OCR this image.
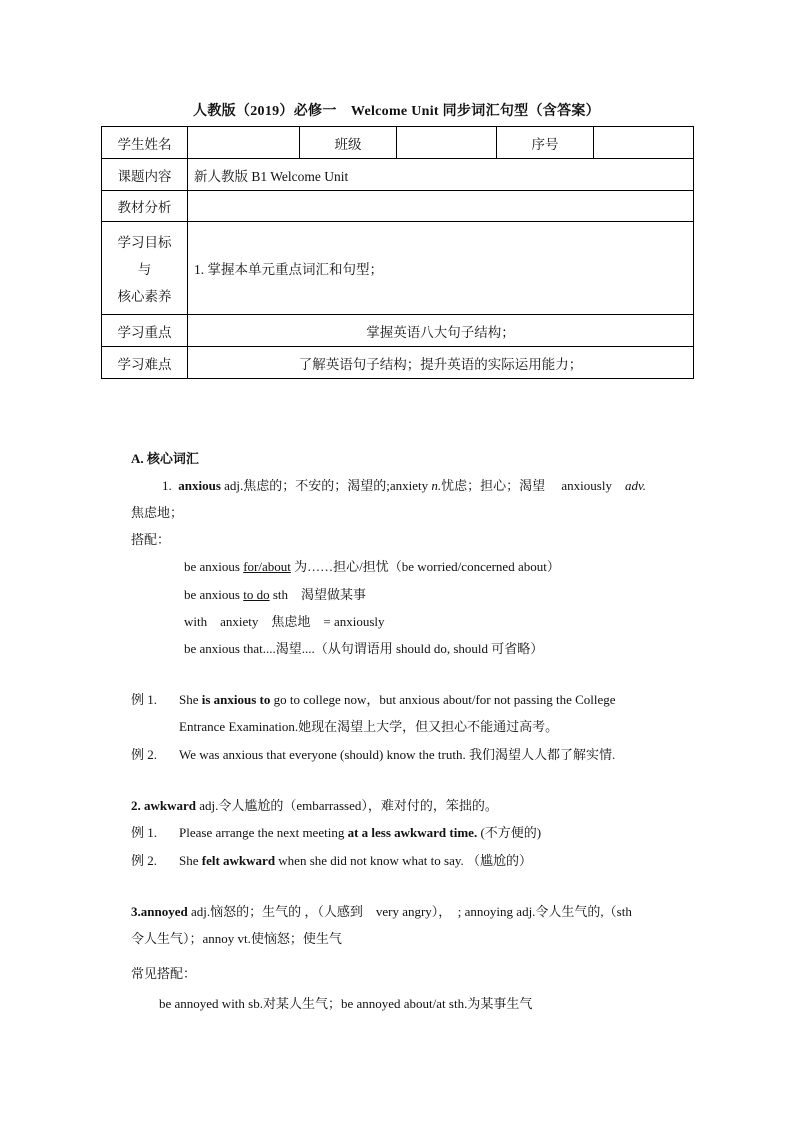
人教版（2019）必修一　Welcome Unit 同步词汇句型（含答案）
学生姓名		班级		序号	
课题内容	新人教版 B1 Welcome Unit				
教材分析					

学习目标
与
核心素养	1. 掌握本单元重点词汇和句型；				
学习重点	掌握英语八大句子结构；				
学习难点	了解英语句子结构；提升英语的实际运用能力；				
A. 核心词汇
1. anxious adj.焦虑的；不安的；渴望的;anxiety n.忧虑；担心；渴望　 anxiously　adv.
焦虑地；
搭配：
be anxious for/about 为……担心/担忧（be worried/concerned about）
be anxious to do sth　渴望做某事
with　anxiety　焦虑地　= anxiously
be anxious that....渴望....（从句谓语用 should do, should 可省略）
例 1. She is anxious to go to college now，but anxious about/for not passing the College
Entrance Examination.她现在渴望上大学，但又担心不能通过高考。
例 2. We was anxious that everyone (should) know the truth. 我们渴望人人都了解实情.
2. awkward adj.令人尴尬的（embarrassed），难对付的，笨拙的。
例 1. Please arrange the next meeting at a less awkward time. (不方便的)
例 2. She felt awkward when she did not know what to say. （尴尬的）
3.annoyed adj.恼怒的；生气的 ，（人感到　very angry），　; annoying adj.令人生气的,（sth
令人生气）；annoy vt.使恼怒；使生气
常见搭配：
be annoyed with sb.对某人生气；be annoyed about/at sth.为某事生气
